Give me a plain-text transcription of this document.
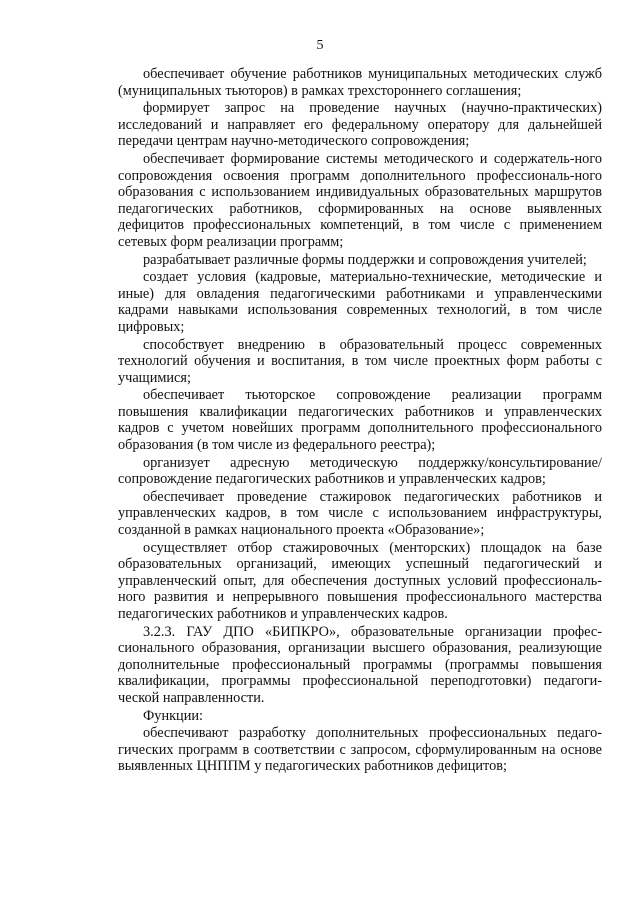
5

обеспечивает обучение работников муниципальных методических служб (муниципальных тьюторов) в рамках трехстороннего соглашения;

формирует запрос на проведение научных (научно-практических) исследований и направляет его федеральному оператору для дальнейшей передачи центрам научно-методического сопровождения;

обеспечивает формирование системы методического и содержатель-ного сопровождения освоения программ дополнительного профессиональ-ного образования с использованием индивидуальных образовательных маршрутов педагогических работников, сформированных на основе выявленных дефицитов профессиональных компетенций, в том числе с применением сетевых форм реализации программ;

разрабатывает различные формы поддержки и сопровождения учителей;

создает условия (кадровые, материально-технические, методические и иные) для овладения педагогическими работниками и управленческими кадрами навыками использования современных технологий, в том числе цифровых;

способствует внедрению в образовательный процесс современных технологий обучения и воспитания, в том числе проектных форм работы с учащимися;

обеспечивает тьюторское сопровождение реализации программ повышения квалификации педагогических работников и управленческих кадров с учетом новейших программ дополнительного профессионального образования (в том числе из федерального реестра);

организует адресную методическую поддержку/консультирование/ сопровождение педагогических работников и управленческих кадров;

обеспечивает проведение стажировок педагогических работников и управленческих кадров, в том числе с использованием инфраструктуры, созданной в рамках национального проекта «Образование»;

осуществляет отбор стажировочных (менторских) площадок на базе образовательных организаций, имеющих успешный педагогический и управленческий опыт, для обеспечения доступных условий профессиональ-ного развития и непрерывного повышения профессионального мастерства педагогических работников и управленческих кадров.

3.2.3. ГАУ ДПО «БИПКРО», образовательные организации профес-сионального образования, организации высшего образования, реализующие дополнительные профессиональный программы (программы повышения квалификации, программы профессиональной переподготовки) педагоги-ческой направленности.

Функции:

обеспечивают разработку дополнительных профессиональных педаго-гических программ в соответствии с запросом, сформулированным на основе выявленных ЦНППМ у педагогических работников дефицитов;
